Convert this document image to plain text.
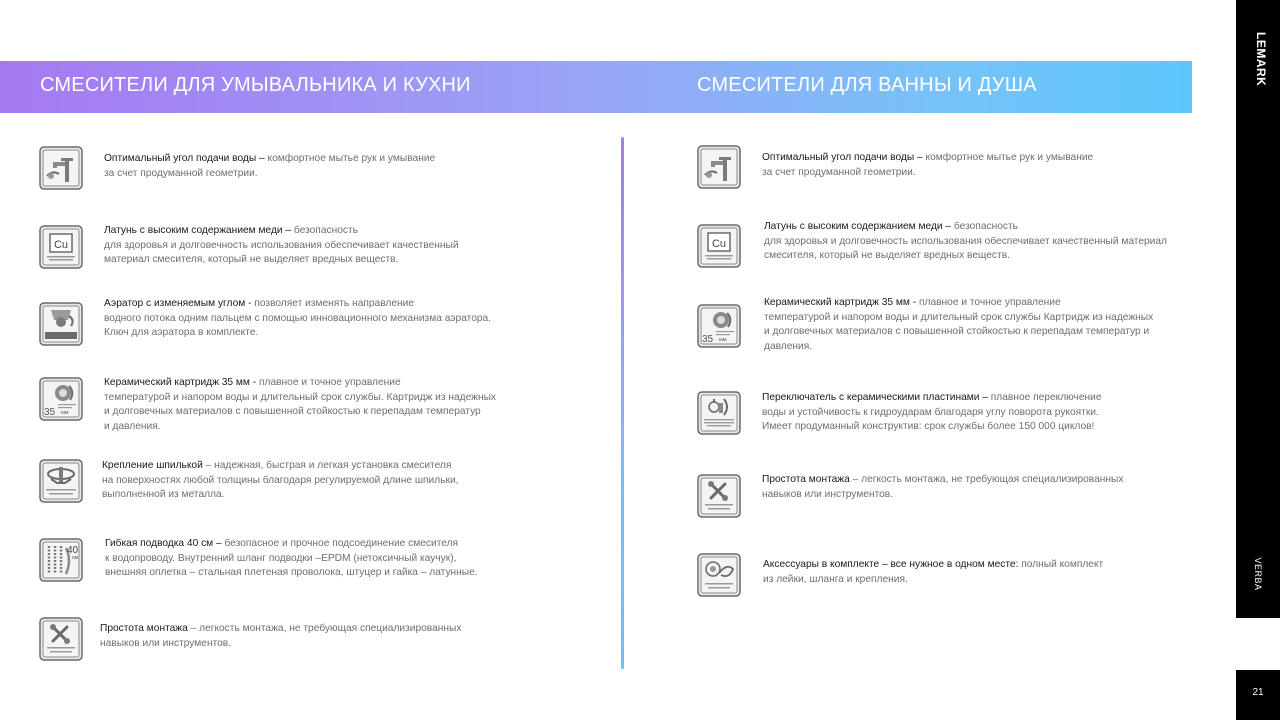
СМЕСИТЕЛИ ДЛЯ УМЫВАЛЬНИКА И КУХНИ	СМЕСИТЕЛИ ДЛЯ ВАННЫ И ДУША	LEMARK
VERBA
21
Оптимальный угол подачи воды – комфортное мытье рук и умывание
за счет продуманной геометрии.
Cu
Латунь с высоким содержанием меди – безопасность
для здоровья и долговечность использования обеспечивает качественный
материал смесителя, который не выделяет вредных веществ.
Аэратор с изменяемым углом - позволяет изменять направление
водного потока одним пальцем с помощью инновационного механизма аэратора.
Ключ для аэратора в комплекте.
35 ММ
Керамический картридж 35 мм - плавное и точное управление
температурой и напором воды и длительный срок службы. Картридж из надежных
и долговечных материалов с повышенной стойкостью к перепадам температур
и давления.
Крепление шпилькой – надежная, быстрая и легкая установка смесителя
на поверхностях любой толщины благодаря регулируемой длине шпильки,
выполненной из металла.
40
см
Гибкая подводка 40 см – безопасное и прочное подсоединение смесителя
к водопроводу. Внутренний шланг подводки –EPDM (нетоксичный каучук),
внешняя оплетка – стальная плетеная проволока, штуцер и гайка – латунные.
Простота монтажа – легкость монтажа, не требующая специализированных
навыков или инструментов.
Оптимальный угол подачи воды – комфортное мытье рук и умывание
за счет продуманной геометрии.
Cu
Латунь с высоким содержанием меди – безопасность
для здоровья и долговечность использования обеспечивает качественный материал
смесителя, который не выделяет вредных веществ.
35 ММ
Керамический картридж 35 мм - плавное и точное управление
температурой и напором воды и длительный срок службы Картридж из надежных
и долговечных материалов с повышенной стойкостью к перепадам температур и
давления.
Переключатель с керамическими пластинами – плавное переключение
воды и устойчивость к гидроударам благодаря углу поворота рукоятки.
Имеет продуманный конструктив: срок службы более 150 000 циклов!
Простота монтажа – легкость монтажа, не требующая специализированных
навыков или инструментов.
Аксессуары в комплекте – все нужное в одном месте: полный комплект
из лейки, шланга и крепления.
